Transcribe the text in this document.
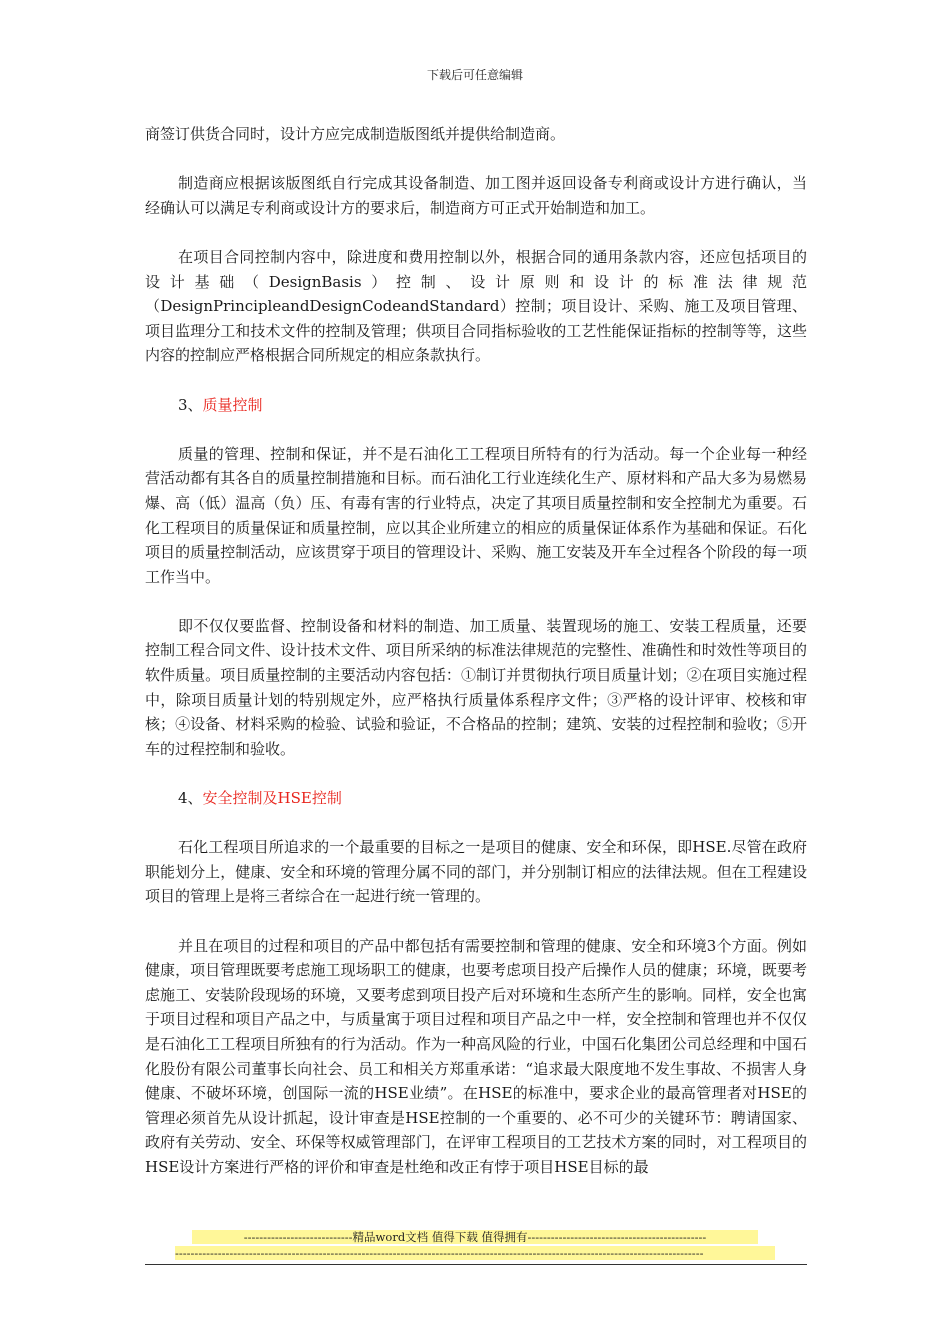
下载后可任意编辑

商签订供货合同时，设计方应完成制造版图纸并提供给制造商。

制造商应根据该版图纸自行完成其设备制造、加工图并返回设备专利商或设计方进行确认，当经确认可以满足专利商或设计方的要求后，制造商方可正式开始制造和加工。

在项目合同控制内容中，除进度和费用控制以外，根据合同的通用条款内容，还应包括项目的设计基础（DesignBasis）控制、设计原则和设计的标准法律规范（DesignPrincipleandDesignCodeandStandard）控制；项目设计、采购、施工及项目管理、项目监理分工和技术文件的控制及管理；供项目合同指标验收的工艺性能保证指标的控制等等，这些内容的控制应严格根据合同所规定的相应条款执行。

3、质量控制

质量的管理、控制和保证，并不是石油化工工程项目所特有的行为活动。每一个企业每一种经营活动都有其各自的质量控制措施和目标。而石油化工行业连续化生产、原材料和产品大多为易燃易爆、高（低）温高（负）压、有毒有害的行业特点，决定了其项目质量控制和安全控制尤为重要。石化工程项目的质量保证和质量控制，应以其企业所建立的相应的质量保证体系作为基础和保证。石化项目的质量控制活动，应该贯穿于项目的管理设计、采购、施工安装及开车全过程各个阶段的每一项工作当中。

即不仅仅要监督、控制设备和材料的制造、加工质量、装置现场的施工、安装工程质量，还要控制工程合同文件、设计技术文件、项目所采纳的标准法律规范的完整性、准确性和时效性等项目的软件质量。项目质量控制的主要活动内容包括：①制订并贯彻执行项目质量计划；②在项目实施过程中，除项目质量计划的特别规定外，应严格执行质量体系程序文件；③严格的设计评审、校核和审核；④设备、材料采购的检验、试验和验证，不合格品的控制；建筑、安装的过程控制和验收；⑤开车的过程控制和验收。

4、安全控制及HSE控制

石化工程项目所追求的一个最重要的目标之一是项目的健康、安全和环保，即HSE.尽管在政府职能划分上，健康、安全和环境的管理分属不同的部门，并分别制订相应的法律法规。但在工程建设项目的管理上是将三者综合在一起进行统一管理的。

并且在项目的过程和项目的产品中都包括有需要控制和管理的健康、安全和环境3个方面。例如健康，项目管理既要考虑施工现场职工的健康，也要考虑项目投产后操作人员的健康；环境，既要考虑施工、安装阶段现场的环境，又要考虑到项目投产后对环境和生态所产生的影响。同样，安全也寓于项目过程和项目产品之中，与质量寓于项目过程和项目产品之中一样，安全控制和管理也并不仅仅是石油化工工程项目所独有的行为活动。作为一种高风险的行业，中国石化集团公司总经理和中国石化股份有限公司董事长向社会、员工和相关方郑重承诺：“追求最大限度地不发生事故、不损害人身健康、不破坏环境，创国际一流的HSE业绩”。在HSE的标准中，要求企业的最高管理者对HSE的管理必须首先从设计抓起，设计审查是HSE控制的一个重要的、必不可少的关键环节：聘请国家、政府有关劳动、安全、环保等权威管理部门，在评审工程项目的工艺技术方案的同时，对工程项目的HSE设计方案进行严格的评价和审查是杜绝和改正有悖于项目HSE目标的最

----------------------------精品word文档 值得下载 值得拥有----------------------------------------------
----------------------------------------------------------------------------------------------------------------------------------------
